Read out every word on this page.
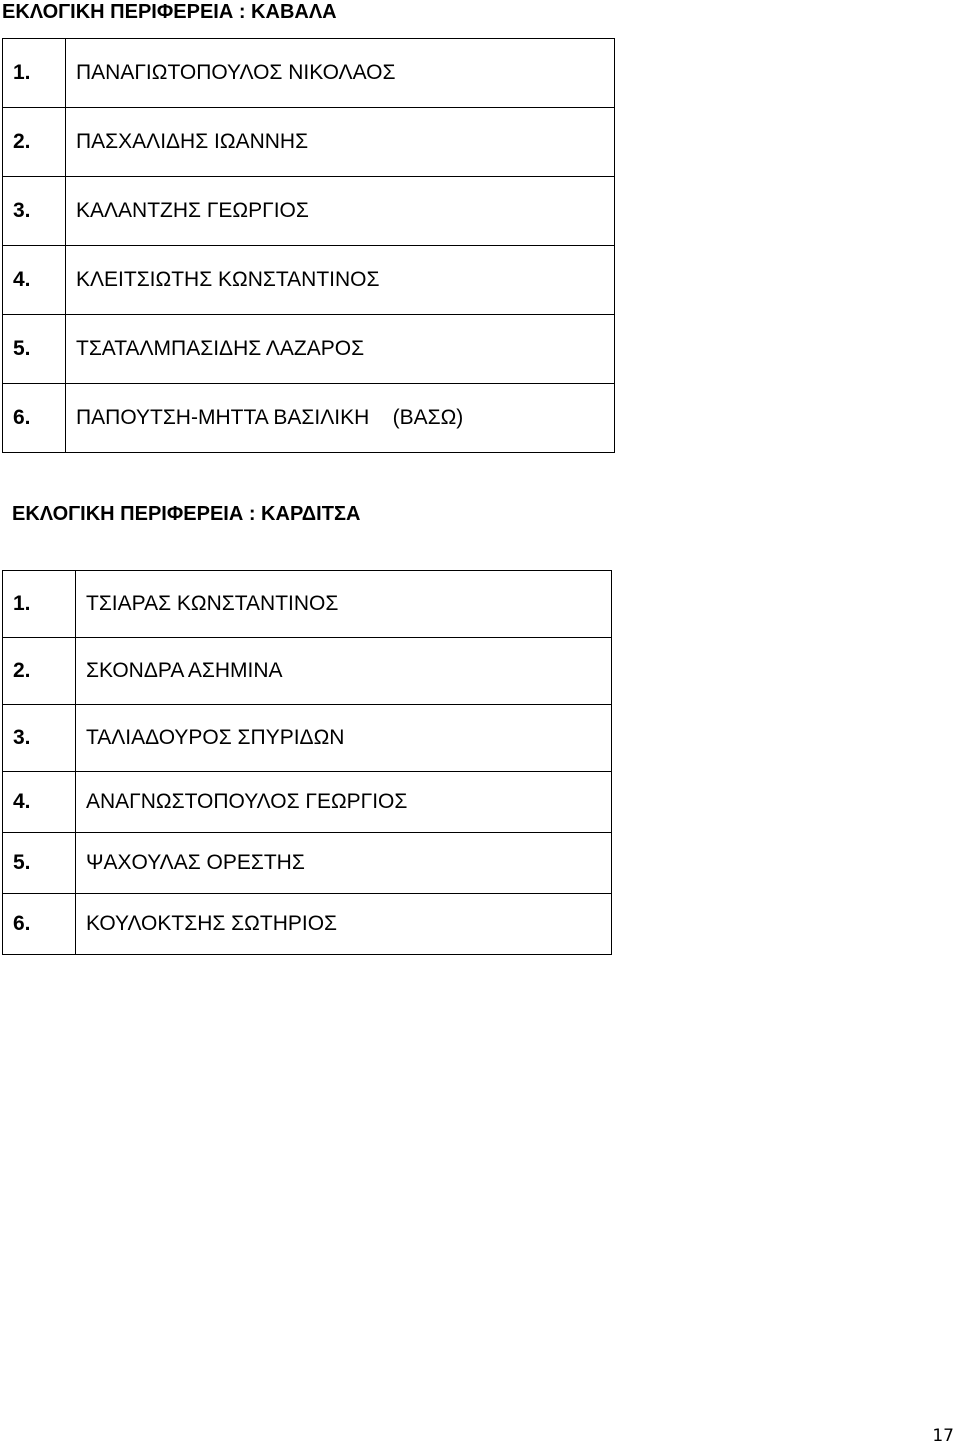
ΕΚΛΟΓΙΚΗ ΠΕΡΙΦΕΡΕΙΑ : ΚΑΒΑΛΑ
1.	ΠΑΝΑΓΙΩΤΟΠΟΥΛΟΣ ΝΙΚΟΛΑΟΣ
2.	ΠΑΣΧΑΛΙΔΗΣ ΙΩΑΝΝΗΣ
3.	ΚΑΛΑΝΤΖΗΣ ΓΕΩΡΓΙΟΣ
4.	ΚΛΕΙΤΣΙΩΤΗΣ ΚΩΝΣΤΑΝΤΙΝΟΣ
5.	ΤΣΑΤΑΛΜΠΑΣΙΔΗΣ ΛΑΖΑΡΟΣ
6.	ΠΑΠΟΥΤΣΗ-ΜΗΤΤΑ ΒΑΣΙΛΙΚΗ    (ΒΑΣΩ)
ΕΚΛΟΓΙΚΗ ΠΕΡΙΦΕΡΕΙΑ : ΚΑΡΔΙΤΣΑ
1.	ΤΣΙΑΡΑΣ ΚΩΝΣΤΑΝΤΙΝΟΣ
2.	ΣΚΟΝΔΡΑ ΑΣΗΜΙΝΑ
3.	ΤΑΛΙΑΔΟΥΡΟΣ ΣΠΥΡΙΔΩΝ
4.	ΑΝΑΓΝΩΣΤΟΠΟΥΛΟΣ ΓΕΩΡΓΙΟΣ
5.	ΨΑΧΟΥΛΑΣ ΟΡΕΣΤΗΣ
6.	ΚΟΥΛΟΚΤΣΗΣ ΣΩΤΗΡΙΟΣ
17
